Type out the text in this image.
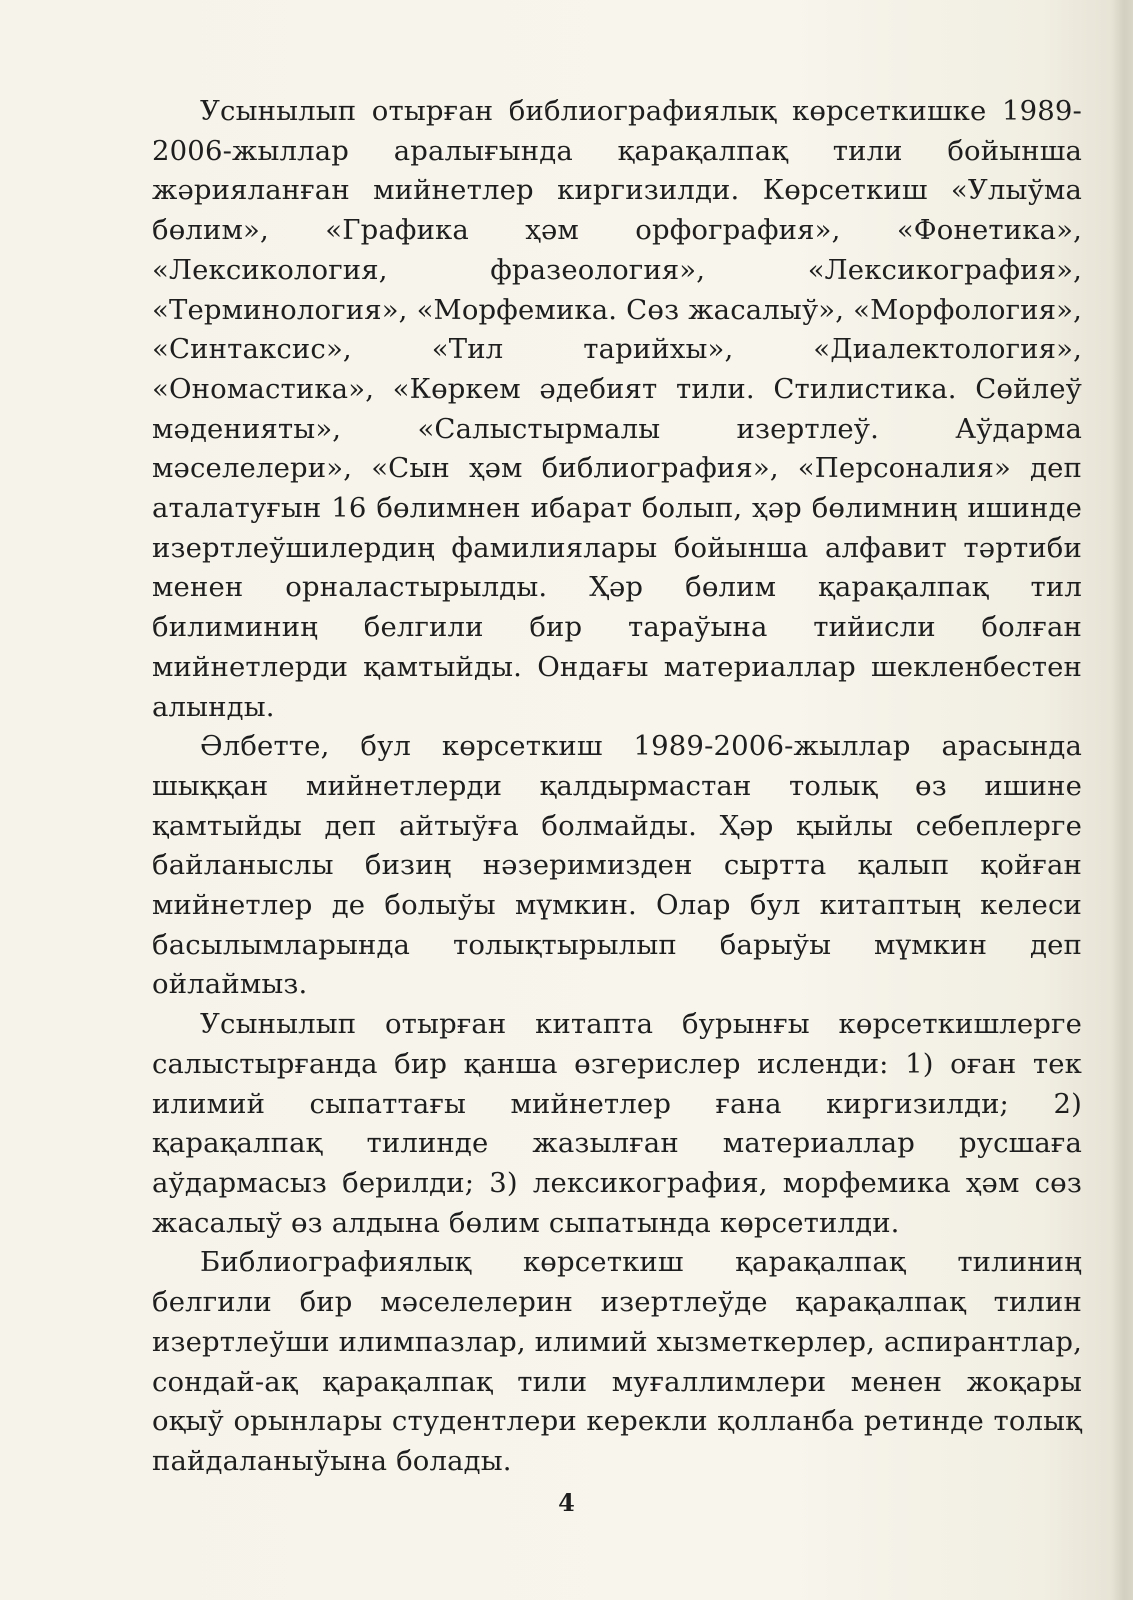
Усынылып отырған библиографиялық көрсеткишке 1989-2006-жыллар аралығында қарақалпақ тили бойынша жәрияланған мийнетлер киргизилди. Көрсеткиш «Улыўма бөлим», «Графика ҳәм орфография», «Фонетика», «Лексикология, фразеология», «Лексикография», «Терминология», «Морфемика. Сөз жасалыў», «Морфология», «Синтаксис», «Тил тарийхы», «Диалектология», «Ономастика», «Көркем әдебият тили. Стилистика. Сөйлеў мәденияты», «Салыстырмалы изертлеў. Аўдарма мәселелери», «Сын ҳәм библиография», «Персоналия» деп аталатуғын 16 бөлимнен ибарат болып, ҳәр бөлимниң ишинде изертлеўшилердиң фамилиялары бойынша алфавит тәртиби менен орналастырылды. Ҳәр бөлим қарақалпақ тил билиминиң белгили бир тараўына тийисли болған мийнетлерди қамтыйды. Ондағы материаллар шекленбестен алынды.

Әлбетте, бул көрсеткиш 1989-2006-жыллар арасында шыққан мийнетлерди қалдырмастан толық өз ишине қамтыйды деп айтыўға болмайды. Ҳәр қыйлы себеплерге байланыслы бизиң нәзеримизден сыртта қалып қойған мийнетлер де болыўы мүмкин. Олар бул китаптың келеси басылымларында толықтырылып барыўы мүмкин деп ойлаймыз.

Усынылып отырған китапта бурынғы көрсеткишлерге салыстырғанда бир қанша өзгерислер исленди: 1) оған тек илимий сыпаттағы мийнетлер ғана киргизилди; 2) қарақалпақ тилинде жазылған материаллар русшаға аўдармасыз берилди; 3) лексикография, морфемика ҳәм сөз жасалыў өз алдына бөлим сыпатында көрсетилди.

Библиографиялық көрсеткиш қарақалпақ тилиниң белгили бир мәселелерин изертлеўде қарақалпақ тилин изертлеўши илимпазлар, илимий хызметкерлер, аспирантлар, сондай-ақ қарақалпақ тили муғаллимлери менен жоқары оқыў орынлары студентлери керекли қолланба ретинде толық пайдаланыўына болады.

4
